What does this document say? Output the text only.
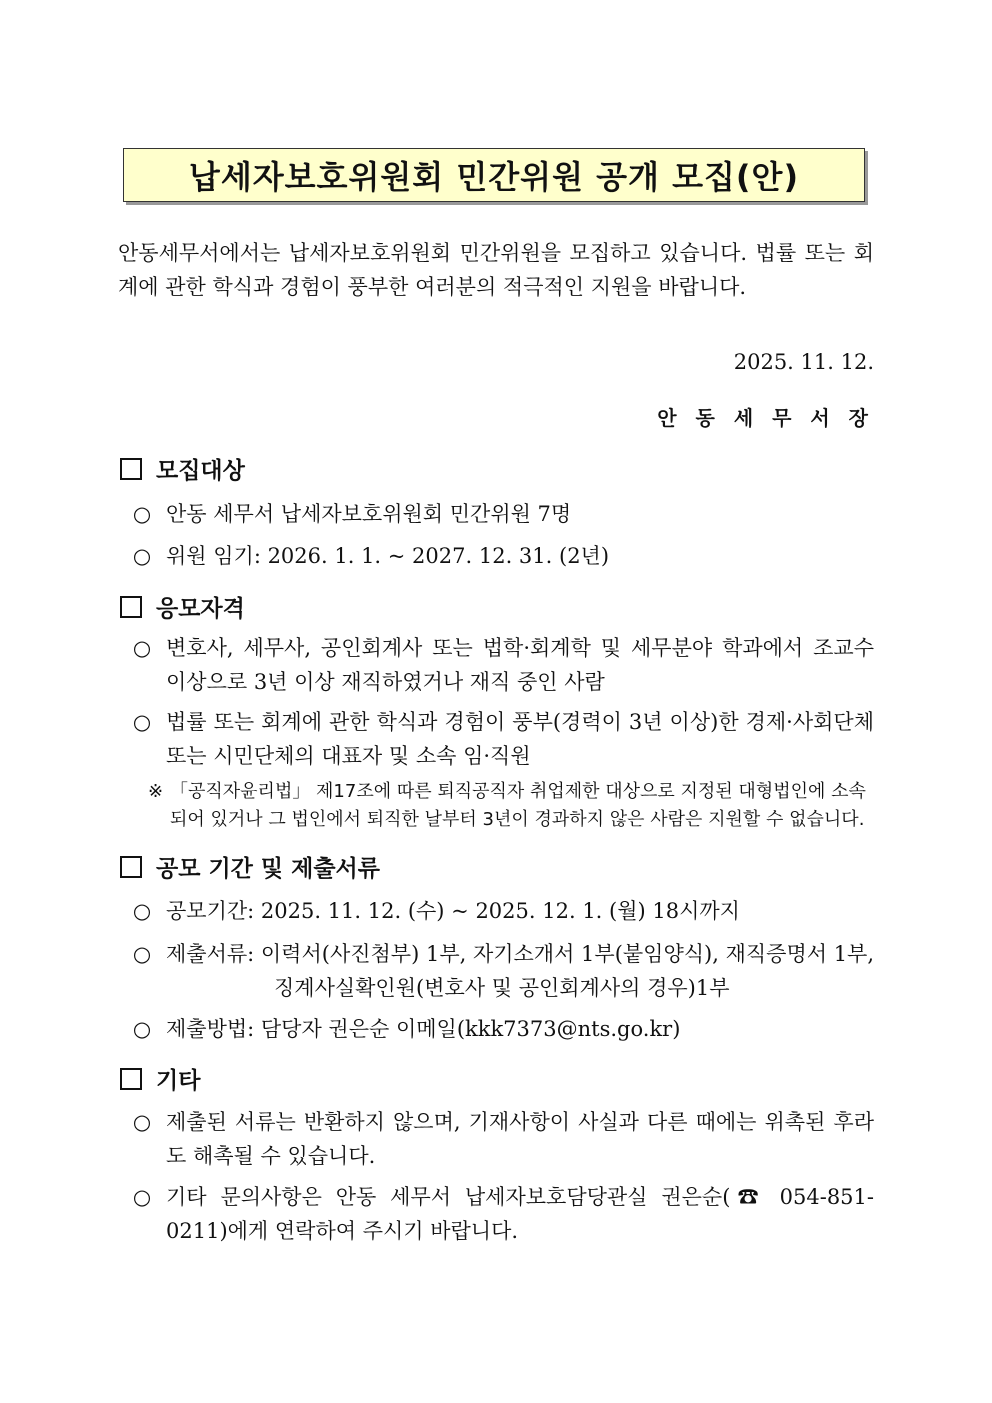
납세자보호위원회 민간위원 공개 모집(안)
안동세무서에서는 납세자보호위원회 민간위원을 모집하고 있습니다. 법률 또는 회계에 관한 학식과 경험이 풍부한 여러분의 적극적인 지원을 바랍니다.
2025. 11. 12.
안 동 세 무 서 장
모집대상
○ 안동 세무서 납세자보호위원회 민간위원 7명
○ 위원 임기: 2026. 1. 1. ~ 2027. 12. 31. (2년)
응모자격
○ 변호사, 세무사, 공인회계사 또는 법학·회계학 및 세무분야 학과에서 조교수 이상으로 3년 이상 재직하였거나 재직 중인 사람
○ 법률 또는 회계에 관한 학식과 경험이 풍부(경력이 3년 이상)한 경제·사회단체 또는 시민단체의 대표자 및 소속 임·직원
※ 「공직자윤리법」 제17조에 따른 퇴직공직자 취업제한 대상으로 지정된 대형법인에 소속되어 있거나 그 법인에서 퇴직한 날부터 3년이 경과하지 않은 사람은 지원할 수 없습니다.
공모 기간 및 제출서류
○ 공모기간: 2025. 11. 12. (수) ~ 2025. 12. 1. (월) 18시까지
○ 제출서류: 이력서(사진첨부) 1부, 자기소개서 1부(붙임양식), 재직증명서 1부,
징계사실확인원(변호사 및 공인회계사의 경우)1부
○ 제출방법: 담당자 권은순 이메일(kkk7373@nts.go.kr)
기타
○ 제출된 서류는 반환하지 않으며, 기재사항이 사실과 다른 때에는 위촉된 후라도 해촉될 수 있습니다.
○ 기타 문의사항은 안동 세무서 납세자보호담당관실 권은순(☎ 054-851-0211)에게 연락하여 주시기 바랍니다.
